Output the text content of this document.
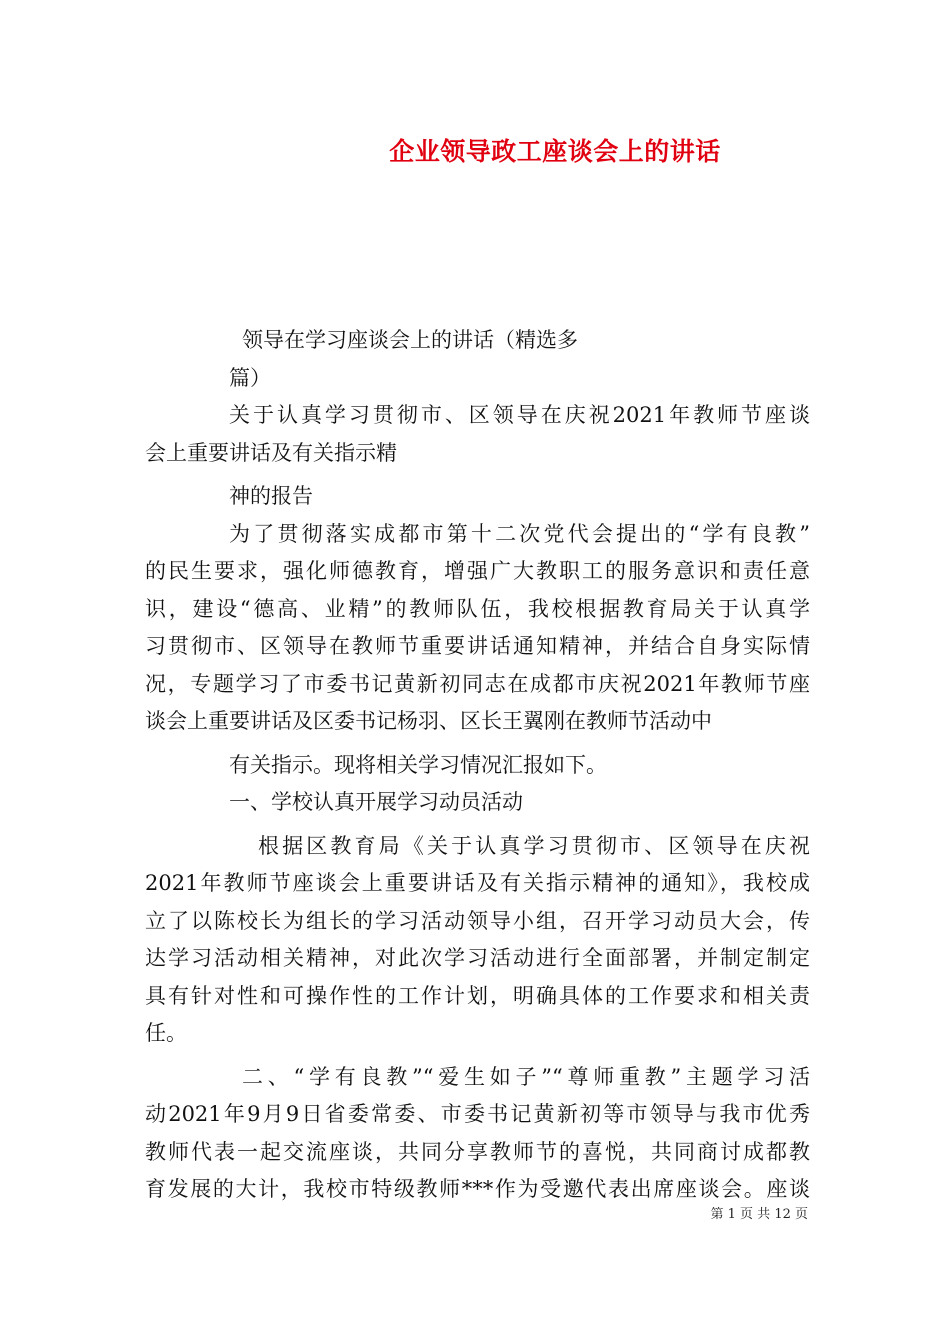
企业领导政工座谈会上的讲话
领导在学习座谈会上的讲话（精选多
篇）
关于认真学习贯彻市、区领导在庆祝2021年教师节座谈
会上重要讲话及有关指示精
神的报告
为了贯彻落实成都市第十二次党代会提出的“学有良教”
的民生要求，强化师德教育，增强广大教职工的服务意识和责任意
识，建设“德高、业精”的教师队伍，我校根据教育局关于认真学
习贯彻市、区领导在教师节重要讲话通知精神，并结合自身实际情
况，专题学习了市委书记黄新初同志在成都市庆祝2021年教师节座
谈会上重要讲话及区委书记杨羽、区长王翼刚在教师节活动中
有关指示。现将相关学习情况汇报如下。
一、学校认真开展学习动员活动
根据区教育局《关于认真学习贯彻市、区领导在庆祝
2021年教师节座谈会上重要讲话及有关指示精神的通知》，我校成
立了以陈校长为组长的学习活动领导小组，召开学习动员大会，传
达学习活动相关精神，对此次学习活动进行全面部署，并制定制定
具有针对性和可操作性的工作计划，明确具体的工作要求和相关责
任。
二、“学有良教”“爱生如子”“尊师重教”主题学习活
动2021年9月9日省委常委、市委书记黄新初等市领导与我市优秀
教师代表一起交流座谈，共同分享教师节的喜悦，共同商讨成都教
育发展的大计，我校市特级教师***作为受邀代表出席座谈会。座谈
第 1 页 共 12 页
